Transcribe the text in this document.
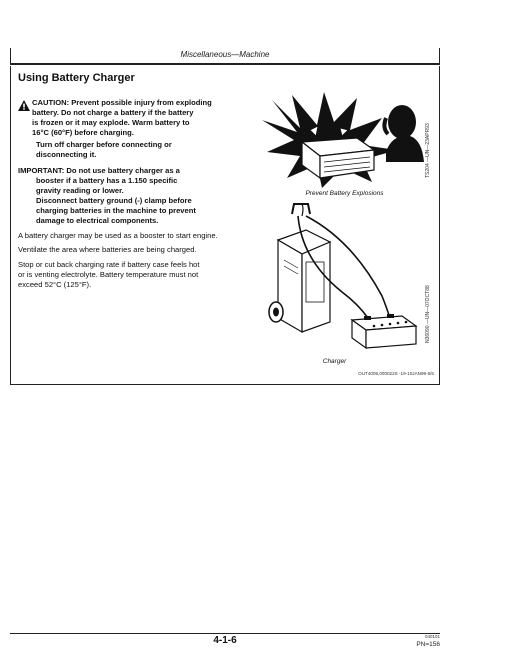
Miscellaneous—Machine
Using Battery Charger

CAUTION: Prevent possible injury from exploding

battery. Do not charge a battery if the battery

is frozen or it may explode. Warm battery to

16°C (60°F) before charging.

Turn off charger before connecting or
disconnecting it.
IMPORTANT: Do not use battery charger as a
booster if a battery has a 1.150 specific
gravity reading or lower.
Disconnect battery ground (-) clamp before
charging batteries in the machine to prevent
damage to electrical components.
A battery charger may be used as a booster to start engine.
Ventilate the area where batteries are being charged.

Stop or cut back charging rate if battery case feels hot

or is venting electrolyte. Battery temperature must not

exceed 52°C (125°F).

Prevent Battery Explosions
TS204 —UN—23APR93
Charger
N36090 —UN—07OCT88
OUT4005,000022S -19-10JAN99-5/5
4-1-6	040101
PN=156
